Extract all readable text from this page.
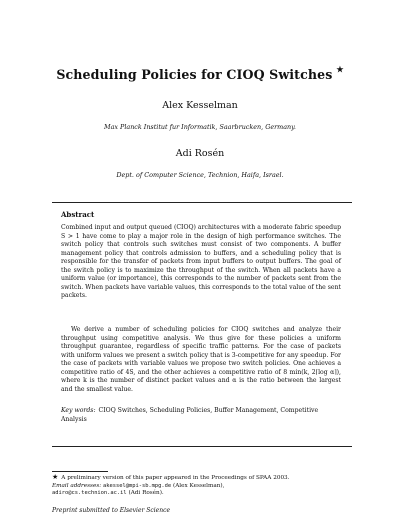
Scheduling Policies for CIOQ Switches ★
Alex Kesselman
Max Planck Institut fur Informatik, Saarbrucken, Germany.
Adi Rosén
Dept. of Computer Science, Technion, Haifa, Israel.
Abstract
Combined input and output queued (CIOQ) architectures with a moderate fabric speedup S > 1 have come to play a major role in the design of high performance switches. The switch policy that controls such switches must consist of two components. A buffer management policy that controls admission to buffers, and a scheduling policy that is responsible for the transfer of packets from input buffers to output buffers. The goal of the switch policy is to maximize the throughput of the switch. When all packets have a uniform value (or importance), this corresponds to the number of packets sent from the switch. When packets have variable values, this corresponds to the total value of the sent packets.
We derive a number of scheduling policies for CIOQ switches and analyze their throughput using competitive analysis. We thus give for these policies a uniform throughput guarantee, regardless of specific traffic patterns. For the case of packets with uniform values we present a switch policy that is 3-competitive for any speedup. For the case of packets with variable values we propose two switch policies. One achieves a competitive ratio of 4S, and the other achieves a competitive ratio of 8 min(k, 2⌈log α⌉), where k is the number of distinct packet values and α is the ratio between the largest and the smallest value.
Key words: CIOQ Switches, Scheduling Policies, Buffer Management, Competitive Analysis
★ A preliminary version of this paper appeared in the Proceedings of SPAA 2003.
Email addresses: akessel@mpi-sb.mpg.de (Alex Kesselman),
adiro@cs.technion.ac.il (Adi Rosén).
Preprint submitted to Elsevier Science
